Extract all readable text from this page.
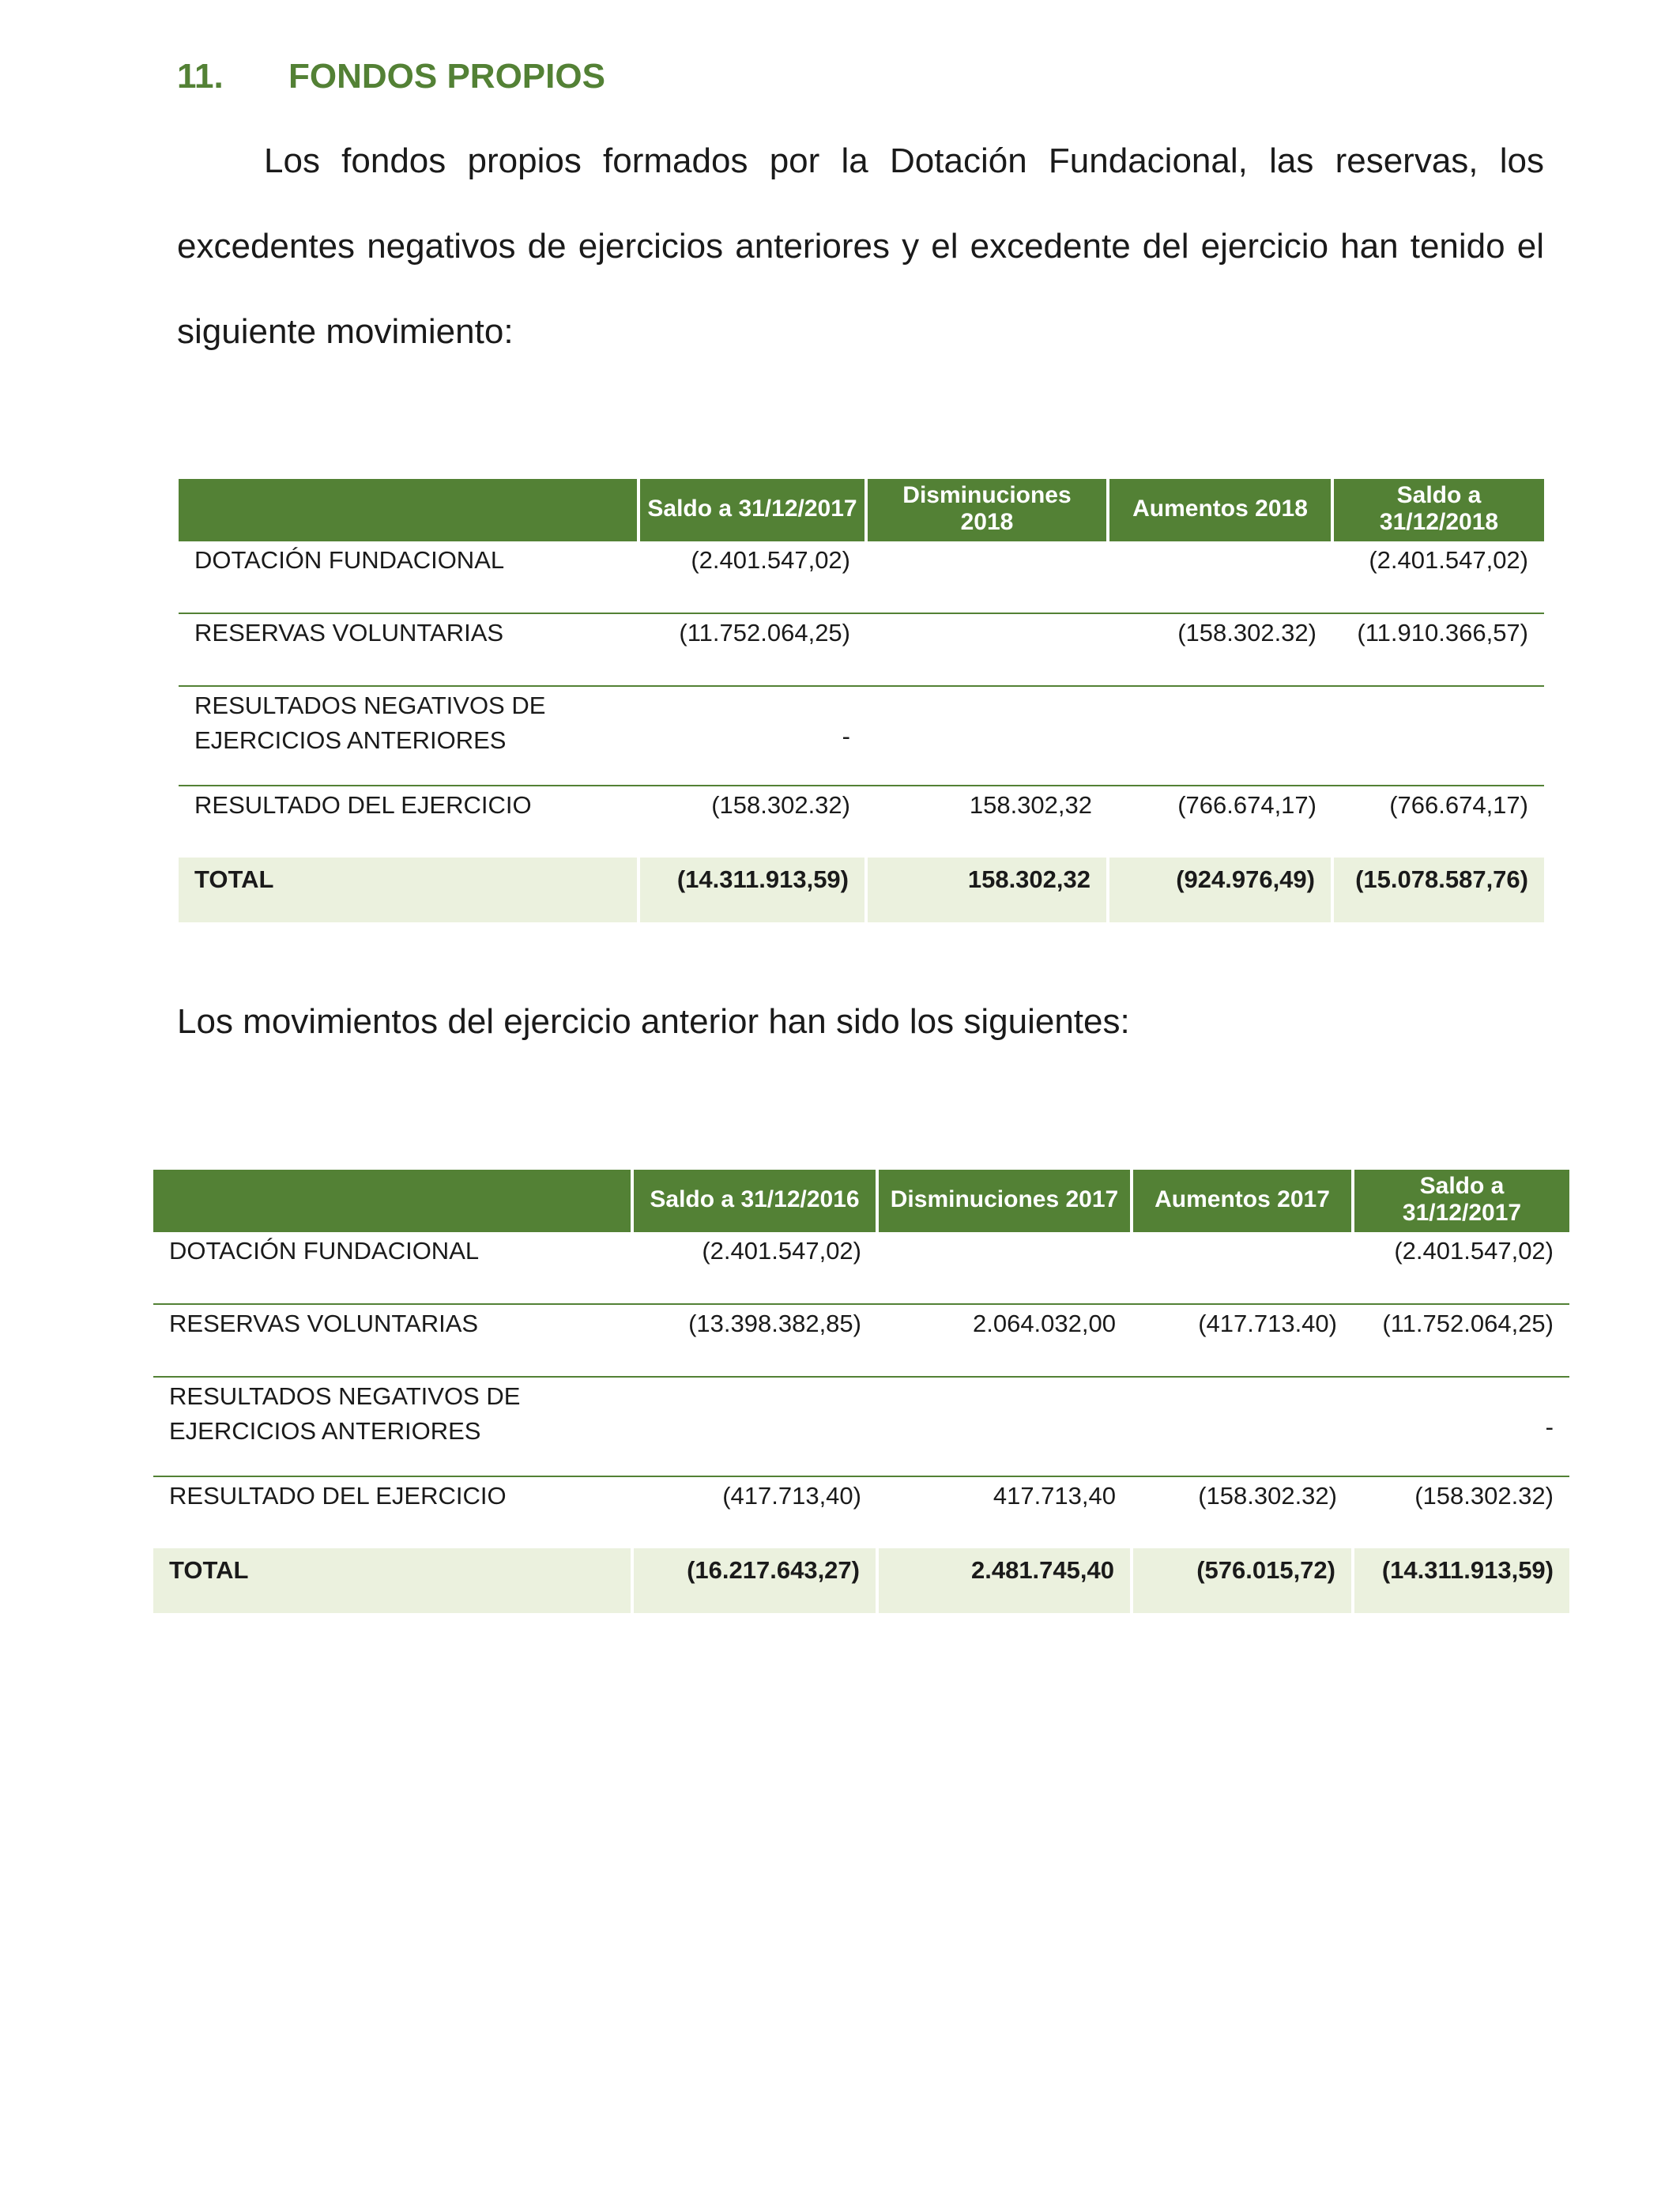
11. FONDOS PROPIOS

Los fondos propios formados por la Dotación Fundacional, las reservas, los excedentes negativos de ejercicios anteriores y el excedente del ejercicio han tenido el siguiente movimiento:

	Saldo a 31/12/2017	Disminuciones 2018	Aumentos 2018	Saldo a 31/12/2018
DOTACIÓN FUNDACIONAL	(2.401.547,02)			(2.401.547,02)
RESERVAS VOLUNTARIAS	(11.752.064,25)		(158.302.32)	(11.910.366,57)
RESULTADOS NEGATIVOS DE EJERCICIOS ANTERIORES	-			
RESULTADO DEL EJERCICIO	(158.302.32)	158.302,32	(766.674,17)	(766.674,17)
TOTAL	(14.311.913,59)	158.302,32	(924.976,49)	(15.078.587,76)

Los movimientos del ejercicio anterior han sido los siguientes:

	Saldo a 31/12/2016	Disminuciones 2017	Aumentos 2017	Saldo a 31/12/2017
DOTACIÓN FUNDACIONAL	(2.401.547,02)			(2.401.547,02)
RESERVAS VOLUNTARIAS	(13.398.382,85)	2.064.032,00	(417.713.40)	(11.752.064,25)
RESULTADOS NEGATIVOS DE EJERCICIOS ANTERIORES				-
RESULTADO DEL EJERCICIO	(417.713,40)	417.713,40	(158.302.32)	(158.302.32)
TOTAL	(16.217.643,27)	2.481.745,40	(576.015,72)	(14.311.913,59)
